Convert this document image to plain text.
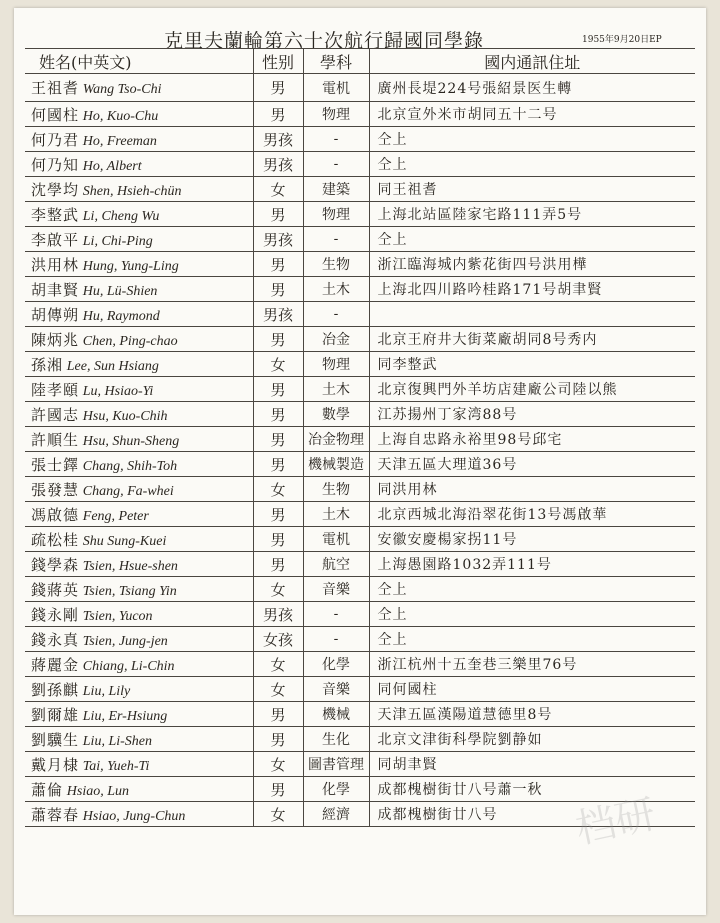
克里夫蘭輪第六十次航行歸國同學錄	1955年9月20日EP
姓名(中英文)	性别	學科	國内通訊住址
王祖耆 Wang Tso-Chi	男	電机	廣州長堤224号張紹景医生轉
何國柱 Ho, Kuo-Chu	男	物理	北京宣外米市胡同五十二号
何乃君 Ho, Freeman	男孩	-	仝上
何乃知 Ho, Albert	男孩	-	仝上
沈學均 Shen, Hsieh-chün	女	建築	同王祖耆
李整武 Li, Cheng Wu	男	物理	上海北站區陸家宅路111弄5号
李啟平 Li, Chi-Ping	男孩	-	仝上
洪用林 Hung, Yung-Ling	男	生物	浙江臨海城内紫花街四号洪用樺
胡聿賢 Hu, Lü-Shien	男	土木	上海北四川路吟桂路171号胡聿賢
胡傳朔 Hu, Raymond	男孩	-	
陳炳兆 Chen, Ping-chao	男	冶金	北京王府井大街菜廠胡同8号秀内
孫湘 Lee, Sun Hsiang	女	物理	同李整武
陸孝頤 Lu, Hsiao-Yi	男	土木	北京復興門外羊坊店建廠公司陸以熊
許國志 Hsu, Kuo-Chih	男	數學	江苏揚州丁家湾88号
許順生 Hsu, Shun-Sheng	男	冶金物理	上海自忠路永裕里98号邱宅
張士鐸 Chang, Shih-Toh	男	機械製造	天津五區大理道36号
張發慧 Chang, Fa-whei	女	生物	同洪用林
馮啟德 Feng, Peter	男	土木	北京西城北海沿翠花街13号馮啟華
疏松桂 Shu Sung-Kuei	男	電机	安徽安慶楊家拐11号
錢學森 Tsien, Hsue-shen	男	航空	上海愚園路1032弄111号
錢蔣英 Tsien, Tsiang Yin	女	音樂	仝上
錢永剛 Tsien, Yucon	男孩	-	仝上
錢永真 Tsien, Jung-jen	女孩	-	仝上
蔣麗金 Chiang, Li-Chin	女	化學	浙江杭州十五奎巷三樂里76号
劉孫麒 Liu, Lily	女	音樂	同何國柱
劉爾雄 Liu, Er-Hsiung	男	機械	天津五區漢陽道慧德里8号
劉驥生 Liu, Li-Shen	男	生化	北京文津街科學院劉静如
戴月棣 Tai, Yueh-Ti	女	圖書管理	同胡聿賢
蕭倫 Hsiao, Lun	男	化學	成都槐樹街廿八号蕭一秋
蕭蓉春 Hsiao, Jung-Chun	女	經濟	成都槐樹街廿八号 档研
